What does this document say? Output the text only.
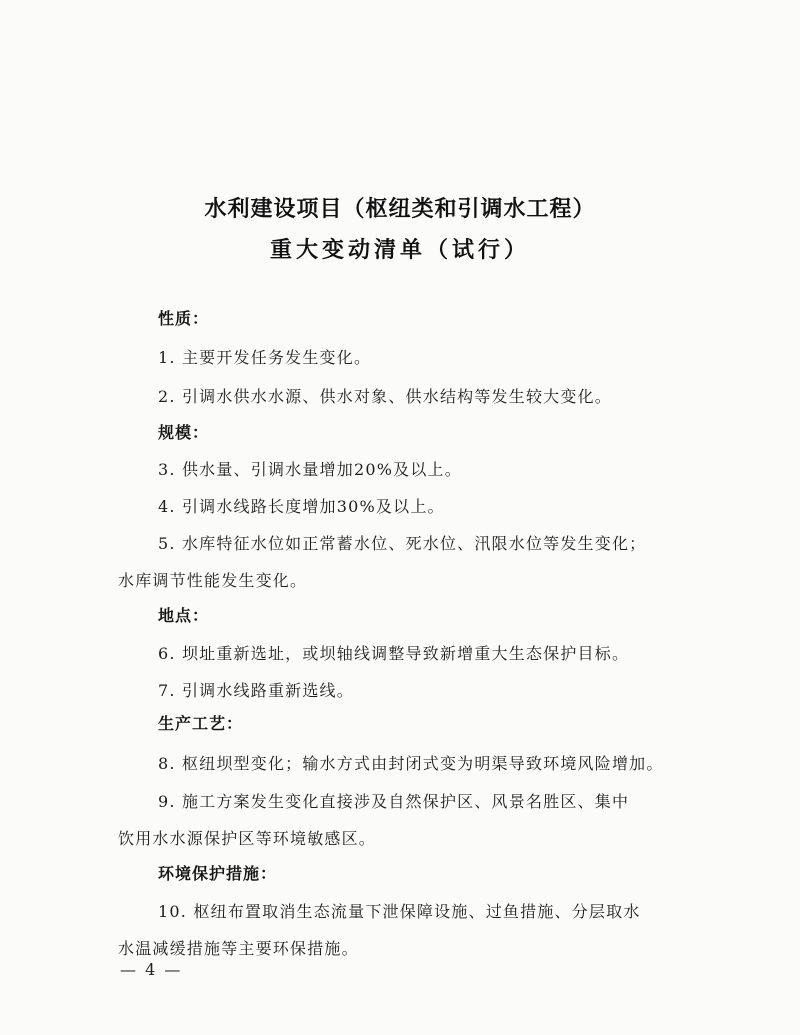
水利建设项目（枢纽类和引调水工程）
重大变动清单（试行）
性质：
1. 主要开发任务发生变化。
2. 引调水供水水源、供水对象、供水结构等发生较大变化。
规模：
3. 供水量、引调水量增加20%及以上。
4. 引调水线路长度增加30%及以上。
5. 水库特征水位如正常蓄水位、死水位、汛限水位等发生变化；
水库调节性能发生变化。
地点：
6. 坝址重新选址，或坝轴线调整导致新增重大生态保护目标。
7. 引调水线路重新选线。
生产工艺：
8. 枢纽坝型变化；输水方式由封闭式变为明渠导致环境风险增加。
9. 施工方案发生变化直接涉及自然保护区、风景名胜区、集中
饮用水水源保护区等环境敏感区。
环境保护措施：
10. 枢纽布置取消生态流量下泄保障设施、过鱼措施、分层取水
水温减缓措施等主要环保措施。
— 4 —
